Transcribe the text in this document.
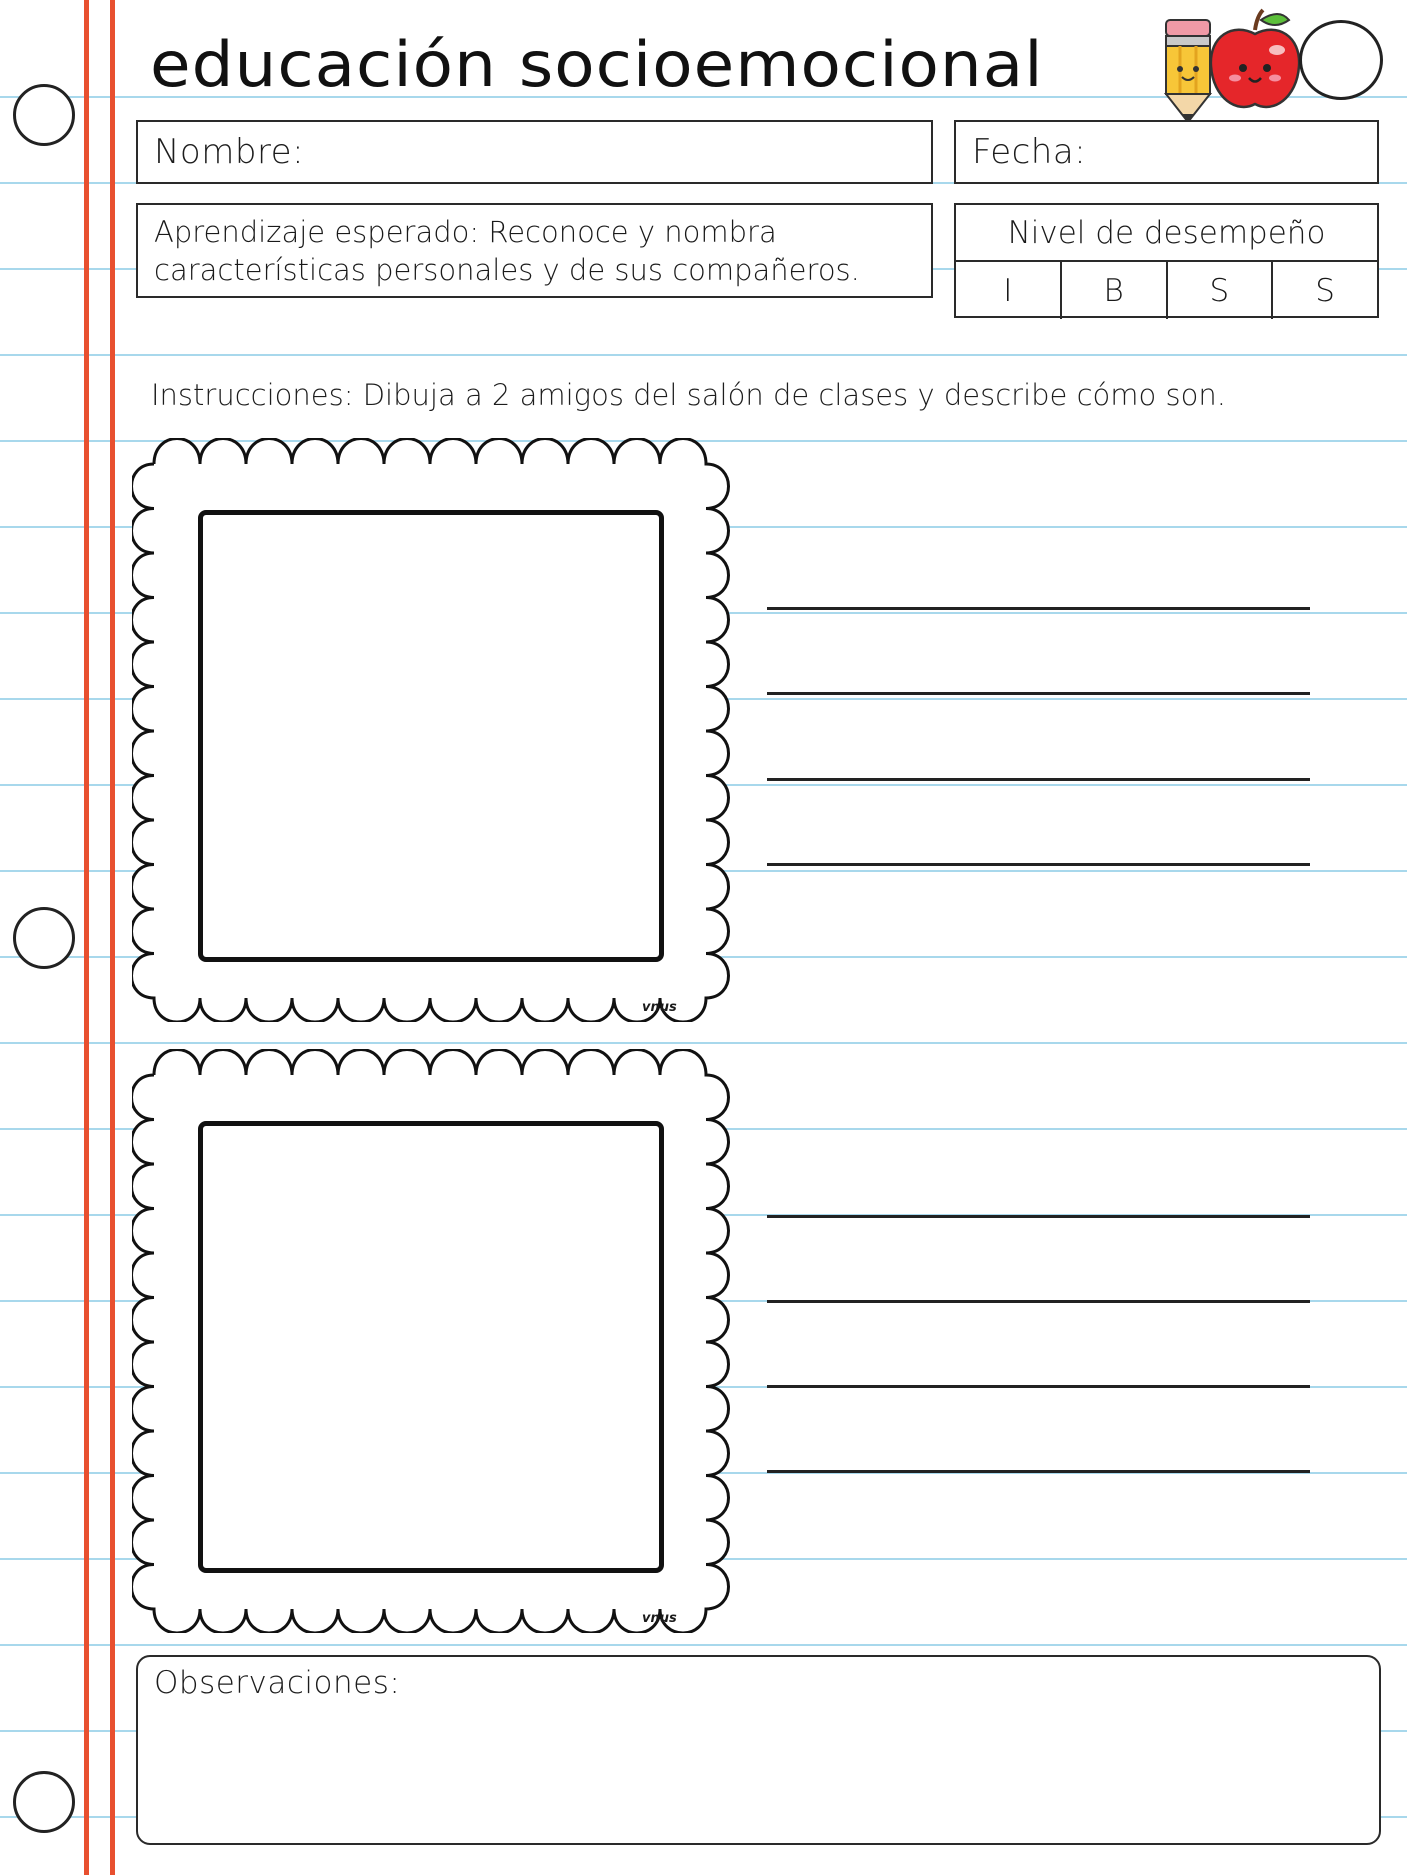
educación socioemocional
Nombre:	Fecha:
Aprendizaje esperado: Reconoce y nombra
características personales y de sus compañeros.
Nivel de desempeño
I	B	S	S
Instrucciones: Dibuja a 2 amigos del salón de clases y describe cómo son.
vnus
vnus
Observaciones:
